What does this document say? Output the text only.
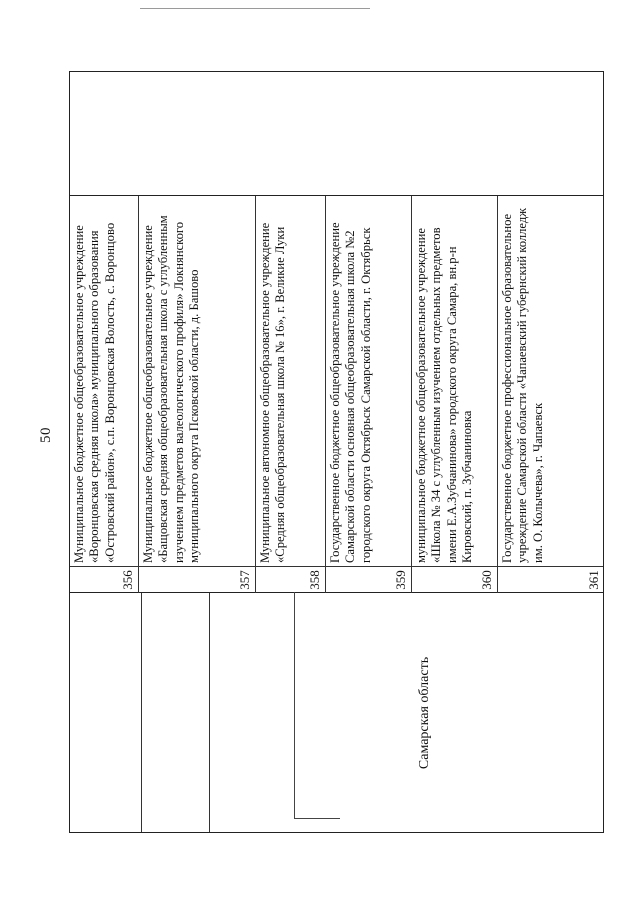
50
Самарская область
356
Муниципальное бюджетное общеобразовательное учреждение «Воронцовская средняя школа» муниципального образования «Островский район», с.п. Воронцовская Волость, с. Воронцово
357
Муниципальное бюджетное общеобразовательное учреждение «Бащовская средняя общеобразовательная школа с углубленным изучением предметов валеологического профиля» Локнянского муниципального округа Псковской области, д. Башово
358
Муниципальное автономное общеобразовательное учреждение «Средняя общеобразовательная школа № 16», г. Великие Луки
359
Государственное бюджетное общеобразовательное учреждение Самарской области основная общеобразовательная школа №2 городского округа Октябрьск Самарской области, г. Октябрьск
360
муниципальное бюджетное общеобразовательное учреждение «Школа № 34 с углубленным изучением отдельных предметов имени Е.А.Зубчанинова» городского округа Самара, вн.р-н Кировский, п. Зубчаниновка
361
Государственное бюджетное профессиональное образовательное учреждение Самарской области «Чапаевский губернский колледж им. О. Колычева», г. Чапаевск
